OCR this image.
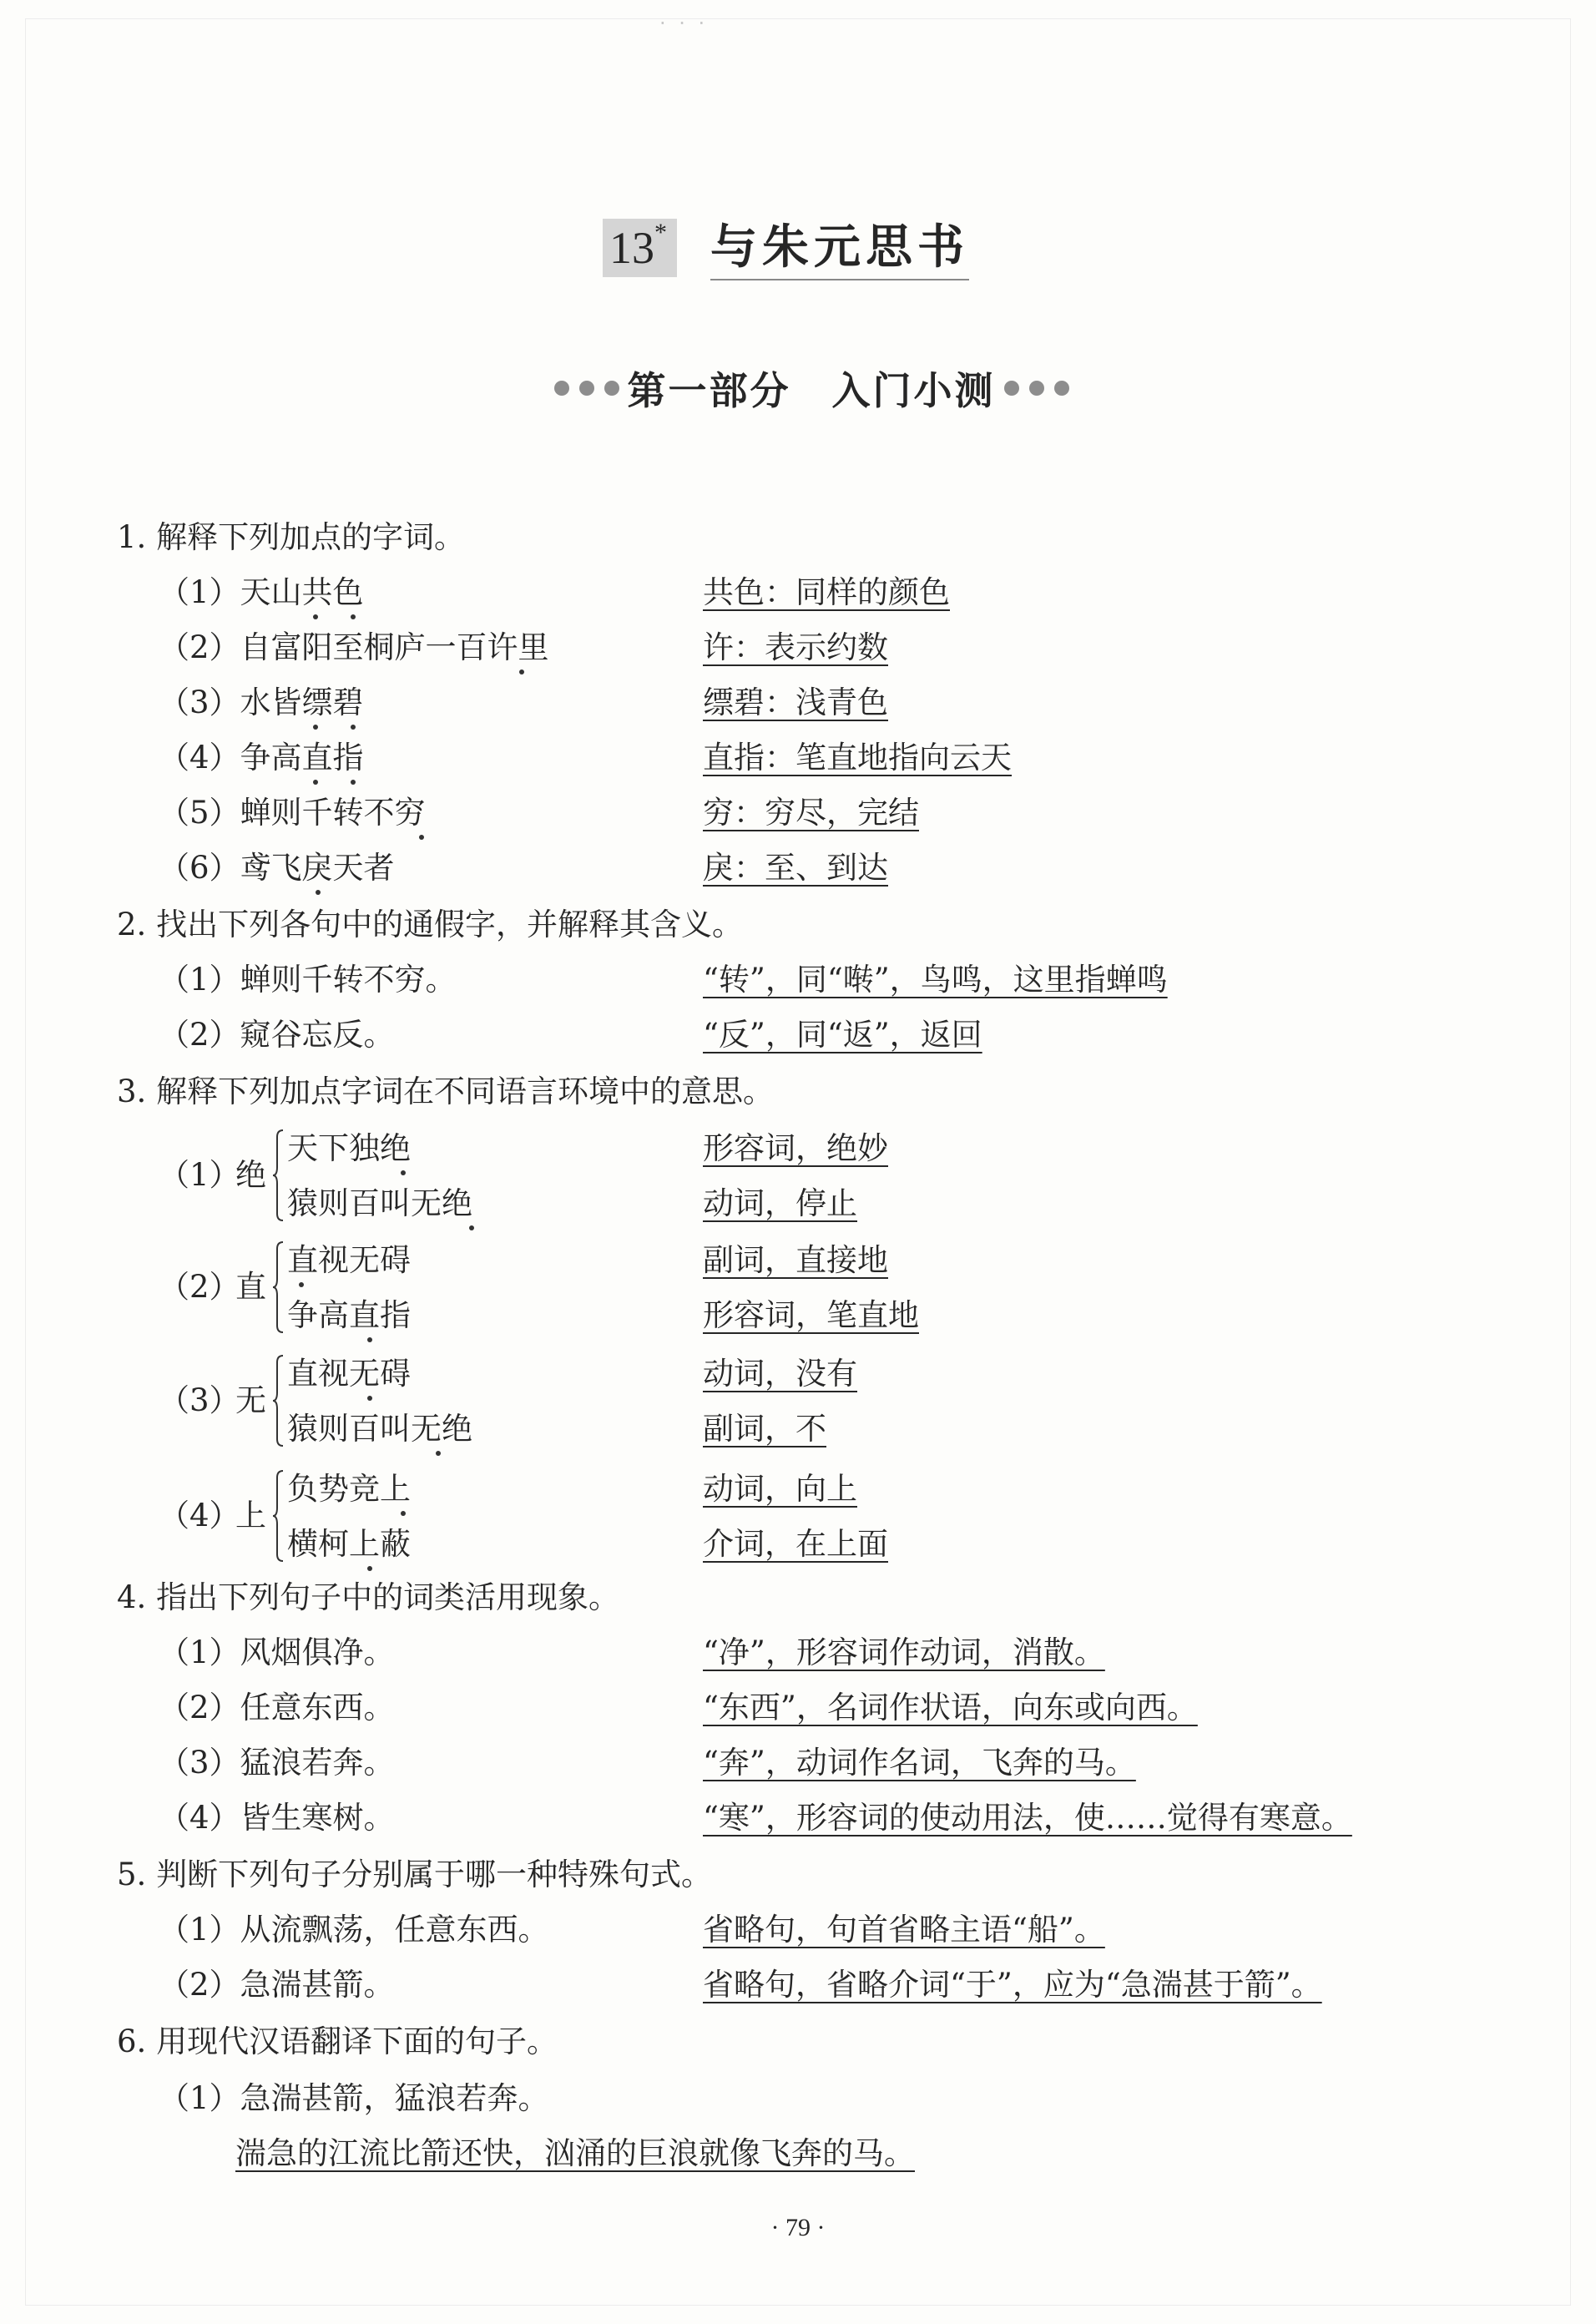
· · ·
13* 与朱元思书
第一部分　入门小测
1. 解释下列加点的字词。
（1）天山共色	共色：同样的颜色
（2）自富阳至桐庐一百许里	许：表示约数
（3）水皆缥碧	缥碧：浅青色
（4）争高直指	直指：笔直地指向云天
（5）蝉则千转不穷	穷：穷尽，完结
（6）鸢飞戾天者	戾：至、到达
2. 找出下列各句中的通假字，并解释其含义。
（1）蝉则千转不穷。	“转”，同“啭”，鸟鸣，这里指蝉鸣
（2）窥谷忘反。	“反”，同“返”，返回
3. 解释下列加点字词在不同语言环境中的意思。
（1）
绝
天下独绝	形容词，绝妙
猿则百叫无绝	动词，停止
（2）
直
直视无碍	副词，直接地
争高直指	形容词，笔直地
（3）
无
直视无碍	动词，没有
猿则百叫无绝	副词，不
（4）
上
负势竞上	动词，向上
横柯上蔽	介词，在上面
4. 指出下列句子中的词类活用现象。
（1）风烟俱净。	“净”，形容词作动词，消散。
（2）任意东西。	“东西”，名词作状语，向东或向西。
（3）猛浪若奔。	“奔”，动词作名词，飞奔的马。
（4）皆生寒树。	“寒”，形容词的使动用法，使……觉得有寒意。
5. 判断下列句子分别属于哪一种特殊句式。
（1）从流飘荡，任意东西。	省略句，句首省略主语“船”。
（2）急湍甚箭。	省略句，省略介词“于”，应为“急湍甚于箭”。
6. 用现代汉语翻译下面的句子。
（1）急湍甚箭，猛浪若奔。
湍急的江流比箭还快，汹涌的巨浪就像飞奔的马。
· 79 ·
